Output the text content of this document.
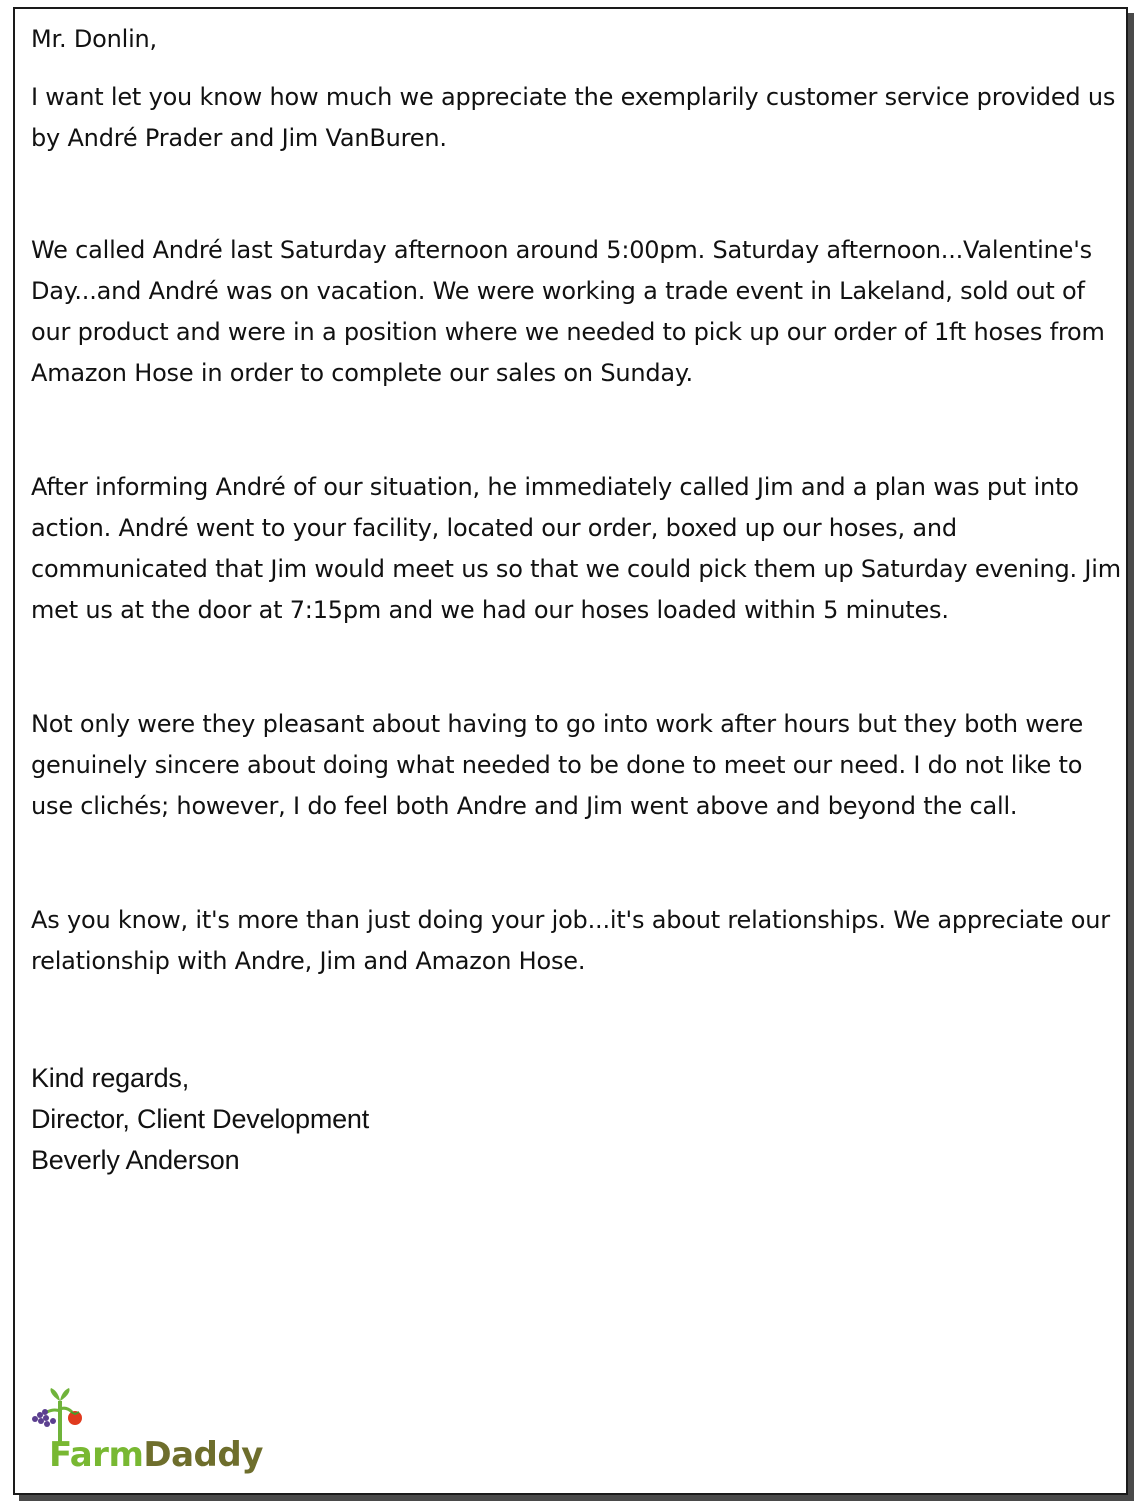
Mr. Donlin,

I want let you know how much we appreciate the exemplarily customer service provided us by André Prader and Jim VanBuren.

We called André last Saturday afternoon around 5:00pm. Saturday afternoon...Valentine's Day...and André was on vacation. We were working a trade event in Lakeland, sold out of our product and were in a position where we needed to pick up our order of 1ft hoses from Amazon Hose in order to complete our sales on Sunday.

After informing André of our situation, he immediately called Jim and a plan was put into action. André went to your facility, located our order, boxed up our hoses, and communicated that Jim would meet us so that we could pick them up Saturday evening. Jim met us at the door at 7:15pm and we had our hoses loaded within 5 minutes.

Not only were they pleasant about having to go into work after hours but they both were genuinely sincere about doing what needed to be done to meet our need. I do not like to use clichés; however, I do feel both Andre and Jim went above and beyond the call.

As you know, it's more than just doing your job...it's about relationships. We appreciate our relationship with Andre, Jim and Amazon Hose.

Kind regards,

Director, Client Development

Beverly Anderson

FarmDaddy
